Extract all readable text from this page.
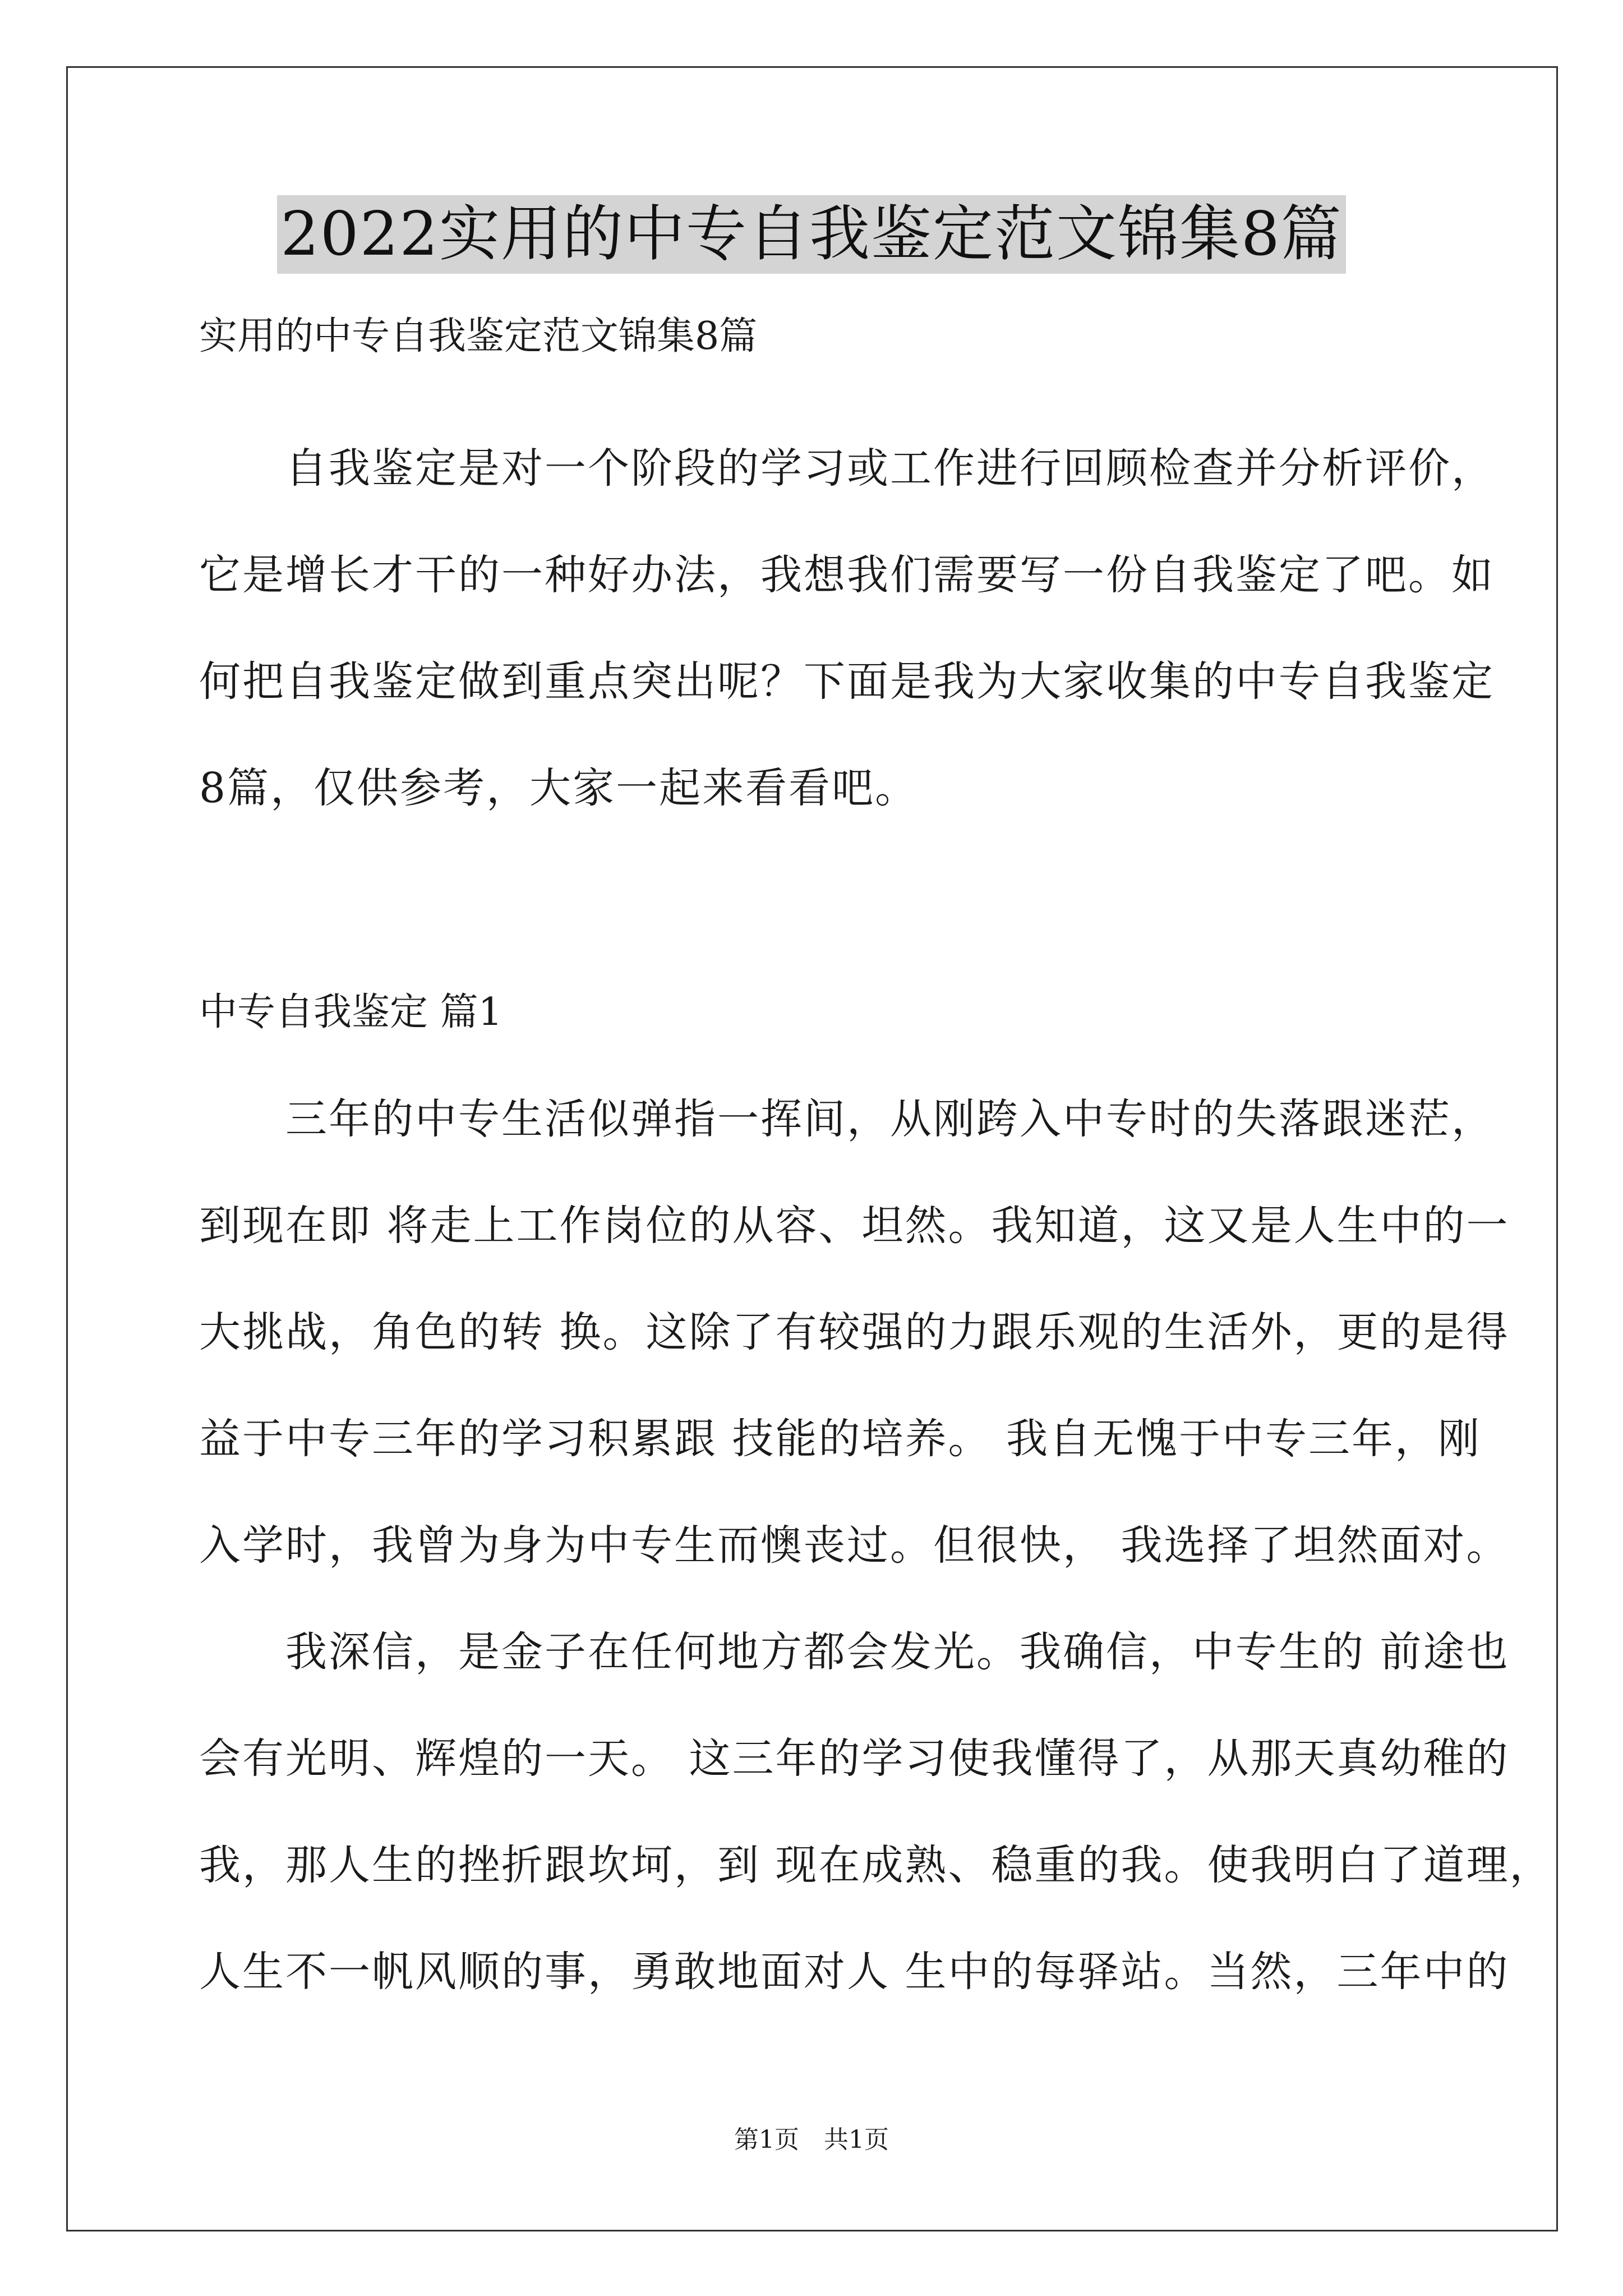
2022实用的中专自我鉴定范文锦集8篇
实用的中专自我鉴定范文锦集8篇
　　自我鉴定是对一个阶段的学习或工作进行回顾检查并分析评价，
它是增长才干的一种好办法，我想我们需要写一份自我鉴定了吧。如
何把自我鉴定做到重点突出呢？下面是我为大家收集的中专自我鉴定
8篇，仅供参考，大家一起来看看吧。
中专自我鉴定 篇1
　　三年的中专生活似弹指一挥间，从刚跨入中专时的失落跟迷茫，
到现在即 将走上工作岗位的从容、坦然。我知道，这又是人生中的一
大挑战，角色的转 换。这除了有较强的力跟乐观的生活外，更的是得
益于中专三年的学习积累跟 技能的培养。 我自无愧于中专三年，刚
入学时，我曾为身为中专生而懊丧过。但很快， 我选择了坦然面对。
　　我深信，是金子在任何地方都会发光。我确信，中专生的 前途也
会有光明、辉煌的一天。 这三年的学习使我懂得了，从那天真幼稚的
我，那人生的挫折跟坎坷，到 现在成熟、稳重的我。使我明白了道理，
人生不一帆风顺的事，勇敢地面对人 生中的每驿站。当然，三年中的
第1页　共1页
